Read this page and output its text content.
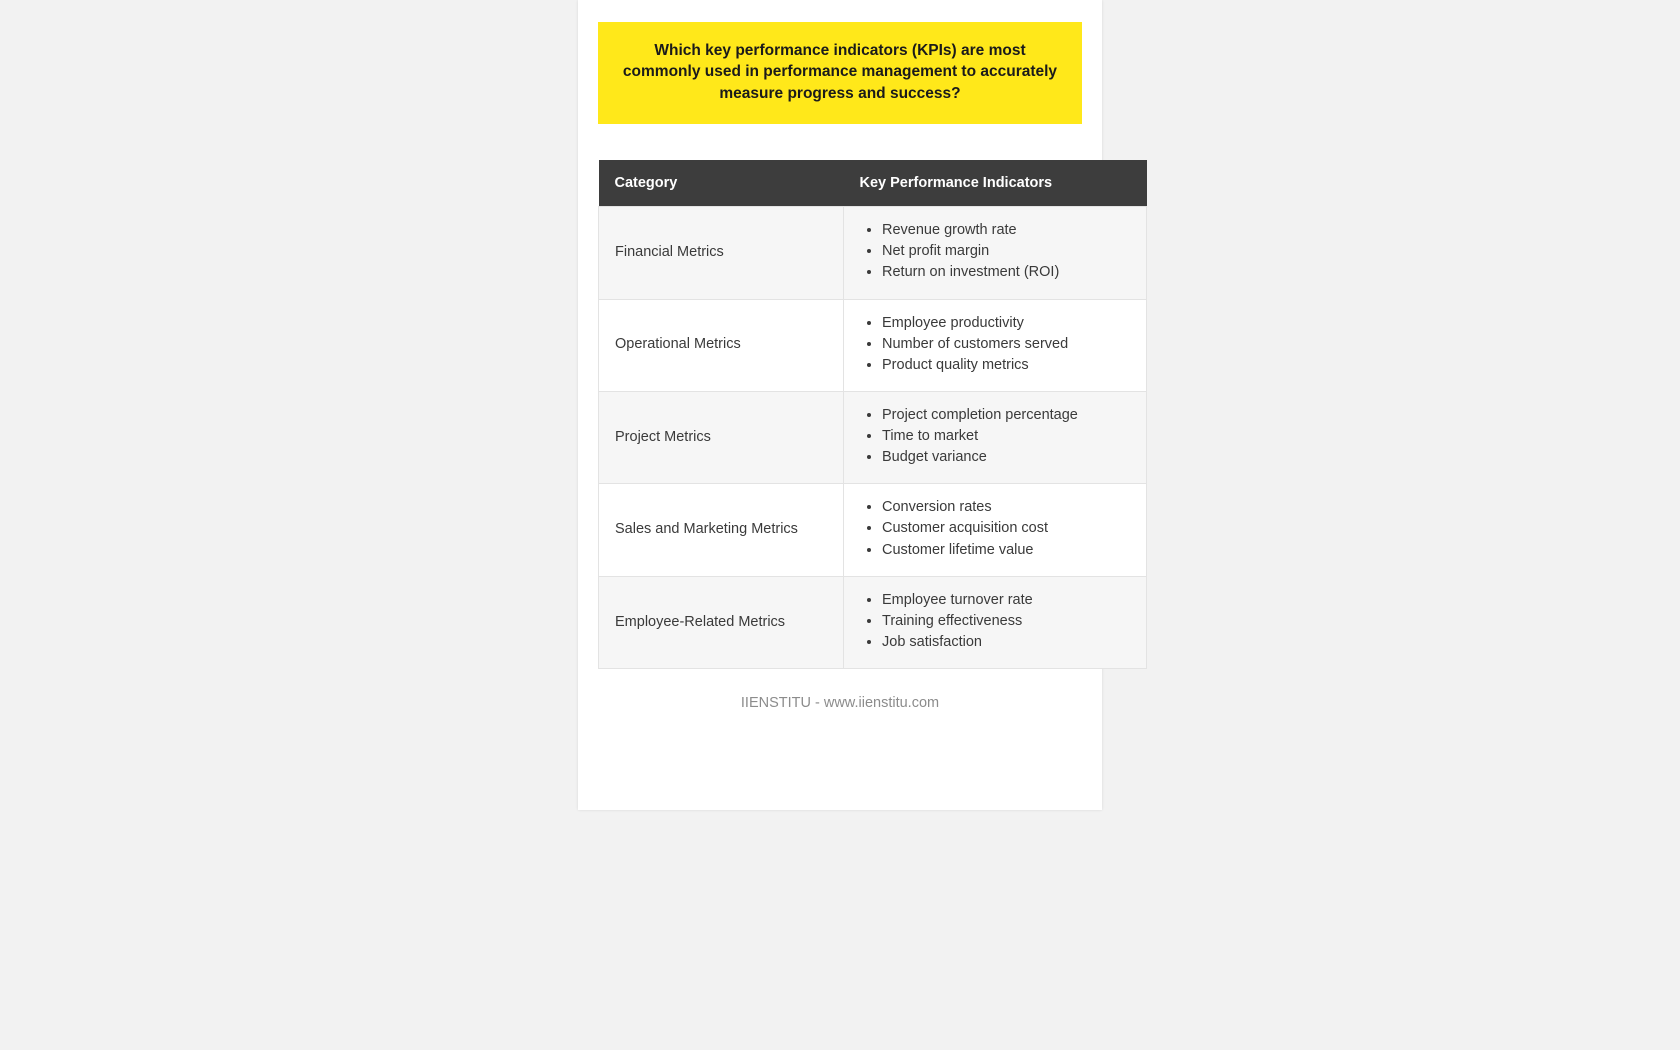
Which key performance indicators (KPIs) are most commonly used in performance management to accurately measure progress and success?
Category	Key Performance Indicators
Financial Metrics	
• Revenue growth rate
• Net profit margin
• Return on investment (ROI)

Operational Metrics	
• Employee productivity
• Number of customers served
• Product quality metrics

Project Metrics	
• Project completion percentage
• Time to market
• Budget variance

Sales and Marketing Metrics	
• Conversion rates
• Customer acquisition cost
• Customer lifetime value

Employee-Related Metrics	
• Employee turnover rate
• Training effectiveness
• Job satisfaction
IIENSTITU - www.iienstitu.com
